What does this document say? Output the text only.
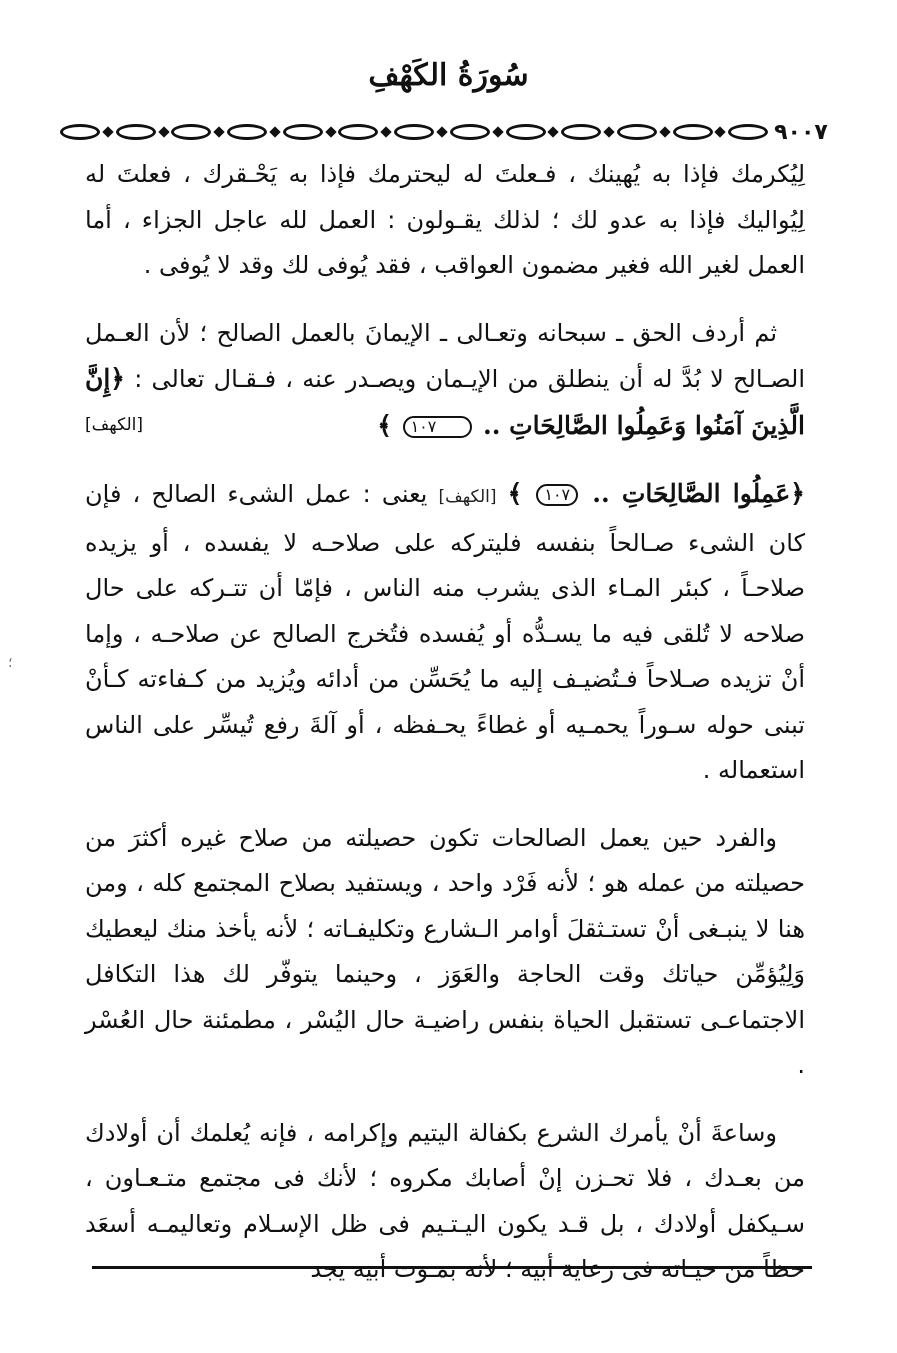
سُورَةُ الكَهْفِ
٩٠٠٧

لِيُكرمك فإذا به يُهينك ، فـعلتَ له ليحترمك فإذا به يَحْـقرك ، فعلتَ له لِيُواليك فإذا به عدو لك ؛ لذلك يقـولون : العمل لله عاجل الجزاء ، أما العمل لغير الله فغير مضمون العواقب ، فقد يُوفى لك وقد لا يُوفى .

ثم أردف الحق ـ سبحانه وتعـالى ـ الإيمانَ بالعمل الصالح ؛ لأن العـمل الصـالح لا بُدَّ له أن ينطلق من الإيـمان ويصـدر عنه ، فـقـال تعالى : ﴿إِنَّ الَّذِينَ آمَنُوا وَعَمِلُوا الصَّالِحَاتِ .. ١٠٧ ﴾
[الكهف]

﴿عَمِلُوا الصَّالِحَاتِ .. ١٠٧ ﴾ [الكهف] يعنى : عمل الشىء الصالح ، فإن كان الشىء صـالحاً بنفسه فليتركه على صلاحـه لا يفسده ، أو يزيده صلاحـاً ، كبئر المـاء الذى يشرب منه الناس ، فإمّا أن تتـركه على حال صلاحه لا تُلقى فيه ما يسـدُّه أو يُفسده فتُخرج الصالح عن صلاحـه ، وإما أنْ تزيده صـلاحاً فـتُضيـف إليه ما يُحَسِّن من أدائه ويُزيد من كـفاءته كـأنْ تبنى حوله سـوراً يحمـيه أو غطاءً يحـفظه ، أو آلةَ رفع تُيسِّر على الناس استعماله .

والفرد حين يعمل الصالحات تكون حصيلته من صلاح غيره أكثرَ من حصيلته من عمله هو ؛ لأنه فَرْد واحد ، ويستفيد بصلاح المجتمع كله ، ومن هنا لا ينبـغى أنْ تستـثقلَ أوامر الـشارع وتكليفـاته ؛ لأنه يأخذ منك ليعطيك وَلِيُؤمِّن حياتك وقت الحاجة والعَوَز ، وحينما يتوفّر لك هذا التكافل الاجتماعـى تستقبل الحياة بنفس راضيـة حال اليُسْر ، مطمئنة حال العُسْر .

وساعةَ أنْ يأمرك الشرع بكفالة اليتيم وإكرامه ، فإنه يُعلمك أن أولادك من بعـدك ، فلا تحـزن إنْ أصابك مكروه ؛ لأنك فى مجتمع متـعـاون ، سـيكفل أولادك ، بل قـد يكون اليـتـيم فى ظل الإسـلام وتعاليمـه أسعَد حظاً من حيـاته فى رعاية أبيه ؛ لأنه بمـوت أبيه يجد

؛
